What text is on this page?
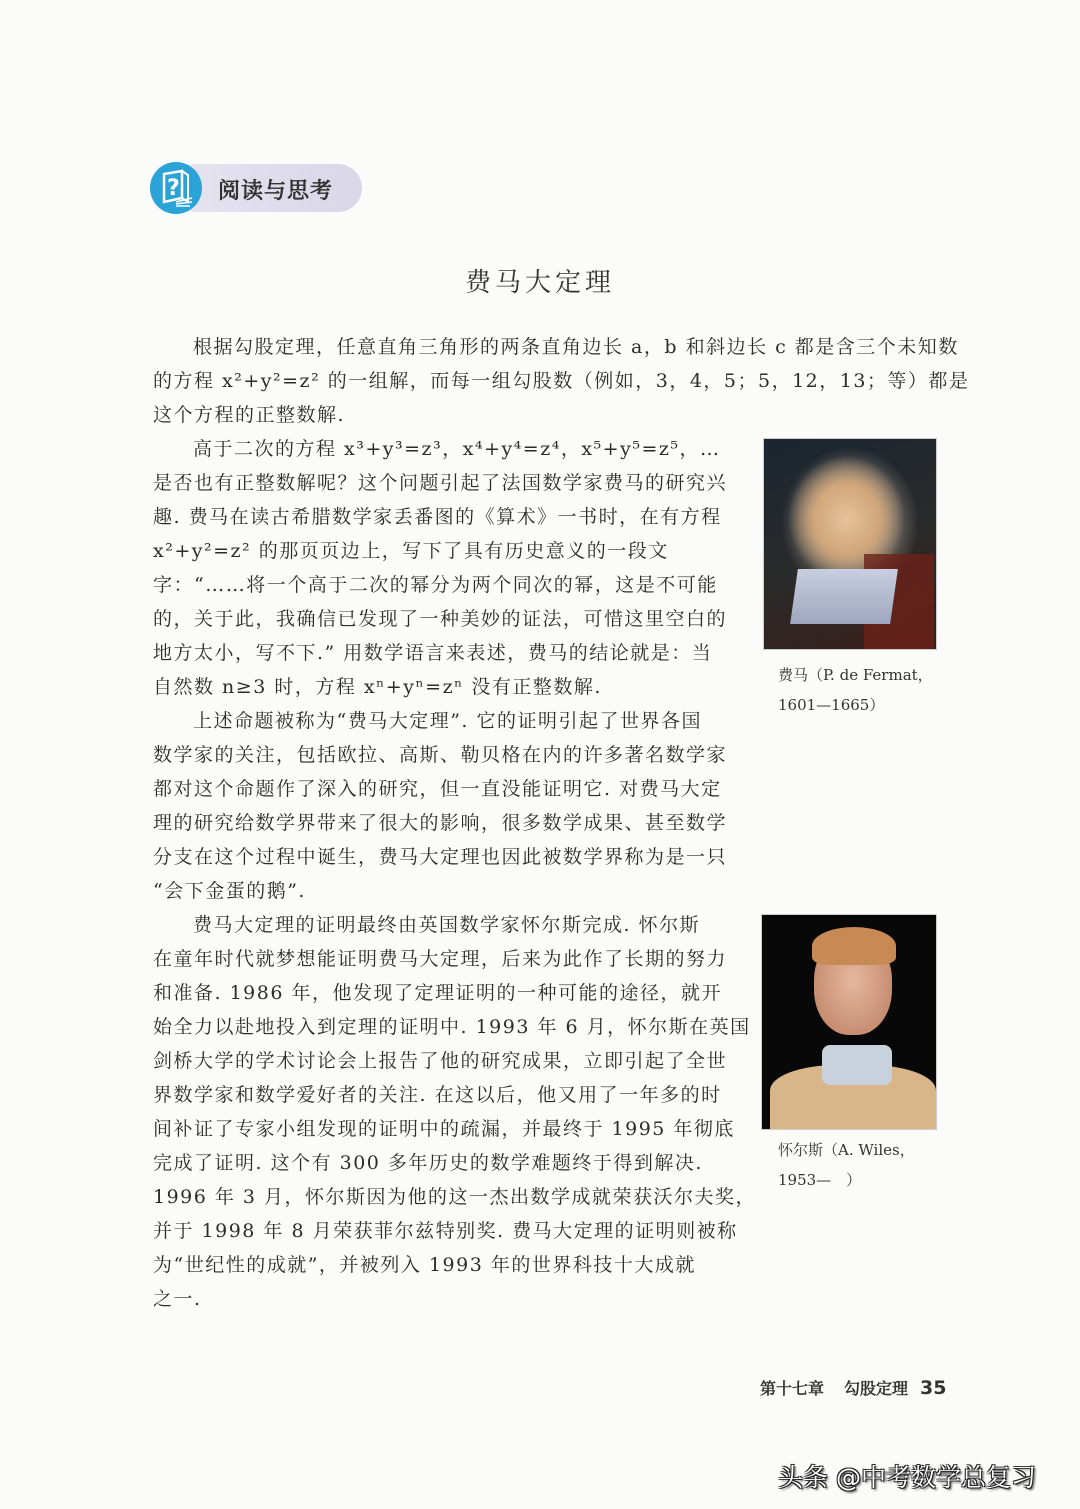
? 阅读与思考
费马大定理
根据勾股定理，任意直角三角形的两条直角边长 a，b 和斜边长 c 都是含三个未知数
的方程 x²+y²=z² 的一组解，而每一组勾股数（例如，3，4，5；5，12，13；等）都是
这个方程的正整数解.
高于二次的方程 x³+y³=z³，x⁴+y⁴=z⁴，x⁵+y⁵=z⁵，…
是否也有正整数解呢？这个问题引起了法国数学家费马的研究兴
趣. 费马在读古希腊数学家丢番图的《算术》一书时，在有方程
x²+y²=z² 的那页页边上，写下了具有历史意义的一段文
字：“……将一个高于二次的幂分为两个同次的幂，这是不可能
的，关于此，我确信已发现了一种美妙的证法，可惜这里空白的
地方太小，写不下.” 用数学语言来表述，费马的结论就是：当
自然数 n≥3 时，方程 xⁿ+yⁿ=zⁿ 没有正整数解.
上述命题被称为“费马大定理”. 它的证明引起了世界各国
数学家的关注，包括欧拉、高斯、勒贝格在内的许多著名数学家
都对这个命题作了深入的研究，但一直没能证明它. 对费马大定
理的研究给数学界带来了很大的影响，很多数学成果、甚至数学
分支在这个过程中诞生，费马大定理也因此被数学界称为是一只
“会下金蛋的鹅”.
费马大定理的证明最终由英国数学家怀尔斯完成. 怀尔斯
在童年时代就梦想能证明费马大定理，后来为此作了长期的努力
和准备. 1986 年，他发现了定理证明的一种可能的途径，就开
始全力以赴地投入到定理的证明中. 1993 年 6 月，怀尔斯在英国
剑桥大学的学术讨论会上报告了他的研究成果，立即引起了全世
界数学家和数学爱好者的关注. 在这以后，他又用了一年多的时
间补证了专家小组发现的证明中的疏漏，并最终于 1995 年彻底
完成了证明. 这个有 300 多年历史的数学难题终于得到解决.
1996 年 3 月，怀尔斯因为他的这一杰出数学成就荣获沃尔夫奖，
并于 1998 年 8 月荣获菲尔兹特别奖. 费马大定理的证明则被称
为“世纪性的成就”，并被列入 1993 年的世界科技十大成就
之一.
费马（P. de Fermat，
1601—1665）
怀尔斯（A. Wiles，
1953—　）
第十七章 勾股定理 35
头条 @中考数学总复习
